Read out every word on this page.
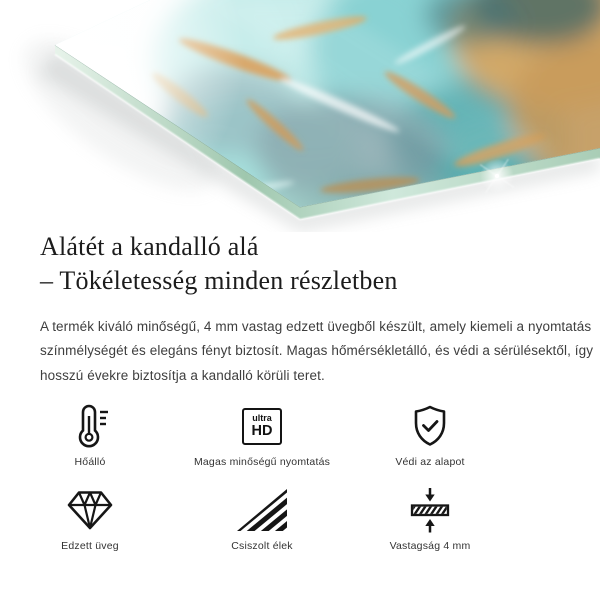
Alátét a kandalló alá
– Tökéletesség minden részletben
A termék kiváló minőségű, 4 mm vastag edzett üvegből készült, amely kiemeli a nyomtatás
színmélységét és elegáns fényt biztosít. Magas hőmérsékletálló, és védi a sérülésektől, így
hosszú évekre biztosítja a kandalló körüli teret.
Hőálló
ultra
HD
Magas minőségű nyomtatás	Védi az alapot
Edzett üveg	Csiszolt élek	Vastagság 4 mm
